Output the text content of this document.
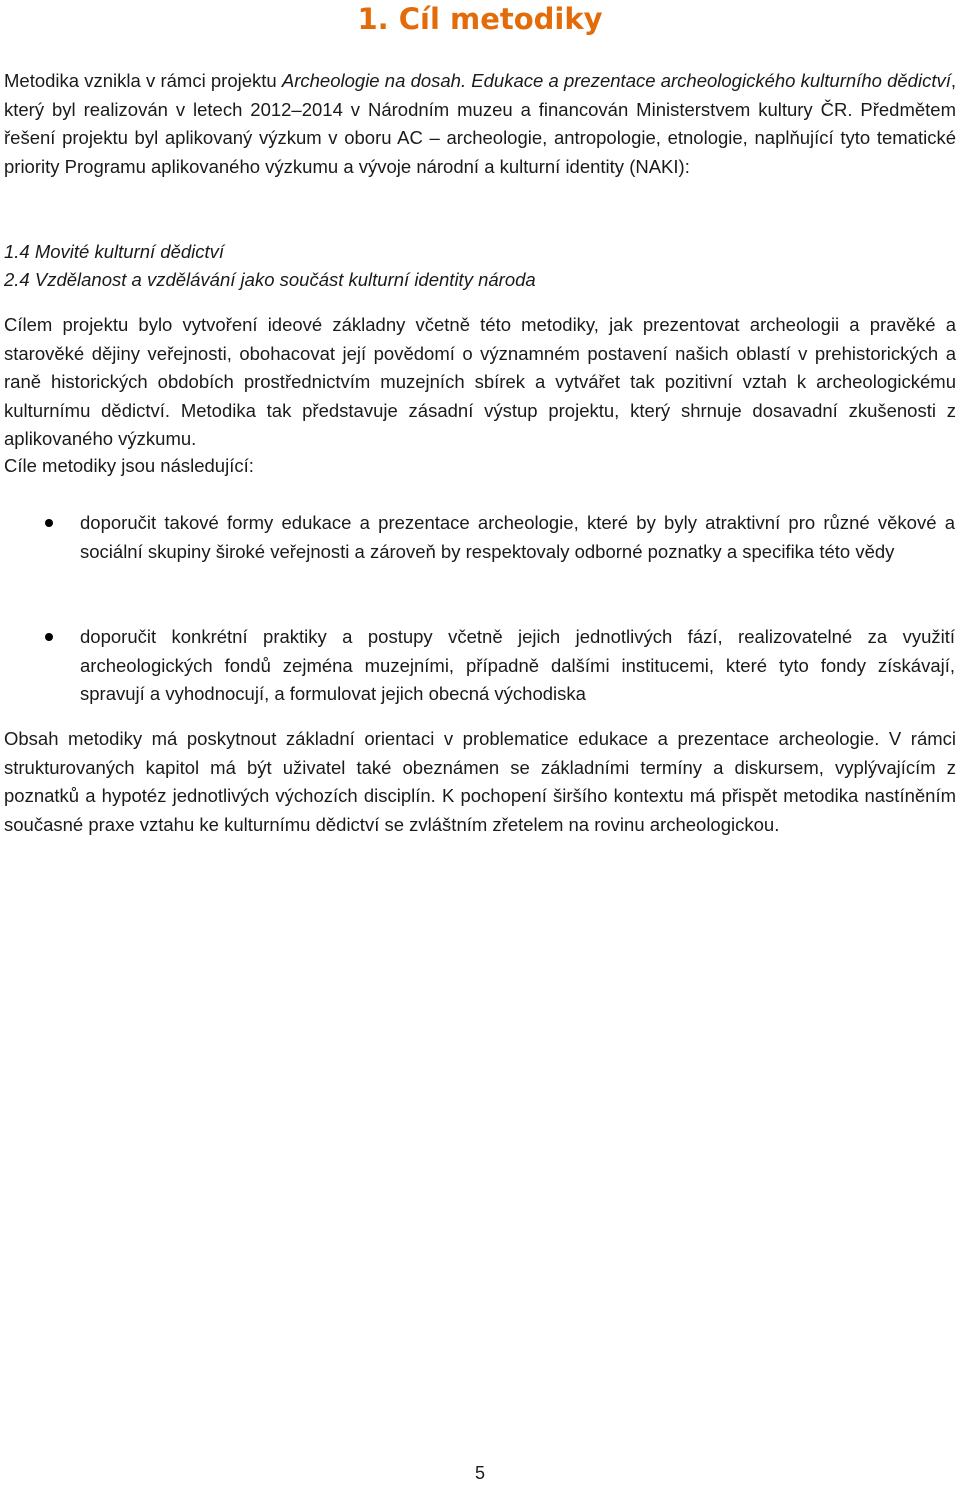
1. Cíl metodiky

Metodika vznikla v rámci projektu Archeologie na dosah. Edukace a prezentace archeologického kulturního dědictví, který byl realizován v letech 2012–2014 v Národním muzeu a financován Ministerstvem kultury ČR. Předmětem řešení projektu byl aplikovaný výzkum v oboru AC – archeologie, antropologie, etnologie, naplňující tyto tematické priority Programu aplikovaného výzkumu a vývoje národní a kulturní identity (NAKI):

1.4 Movité kulturní dědictví

2.4 Vzdělanost a vzdělávání jako součást kulturní identity národa

Cílem projektu bylo vytvoření ideové základny včetně této metodiky, jak prezentovat archeologii a pravěké a starověké dějiny veřejnosti, obohacovat její povědomí o významném postavení našich oblastí v prehistorických a raně historických obdobích prostřednictvím muzejních sbírek a vytvářet tak pozitivní vztah k archeologickému kulturnímu dědictví. Metodika tak představuje zásadní výstup projektu, který shrnuje dosavadní zkušenosti z aplikovaného výzkumu.

Cíle metodiky jsou následující:

doporučit takové formy edukace a prezentace archeologie, které by byly atraktivní pro různé věkové a sociální skupiny široké veřejnosti a zároveň by respektovaly odborné poznatky a specifika této vědy

doporučit konkrétní praktiky a postupy včetně jejich jednotlivých fází, realizovatelné za využití archeologických fondů zejména muzejními, případně dalšími institucemi, které tyto fondy získávají, spravují a vyhodnocují, a formulovat jejich obecná východiska

Obsah metodiky má poskytnout základní orientaci v problematice edukace a prezentace archeologie. V rámci strukturovaných kapitol má být uživatel také obeznámen se základními termíny a diskursem, vyplývajícím z poznatků a hypotéz jednotlivých výchozích disciplín. K pochopení širšího kontextu má přispět metodika nastíněním současné praxe vztahu ke kulturnímu dědictví se zvláštním zřetelem na rovinu archeologickou.

5
